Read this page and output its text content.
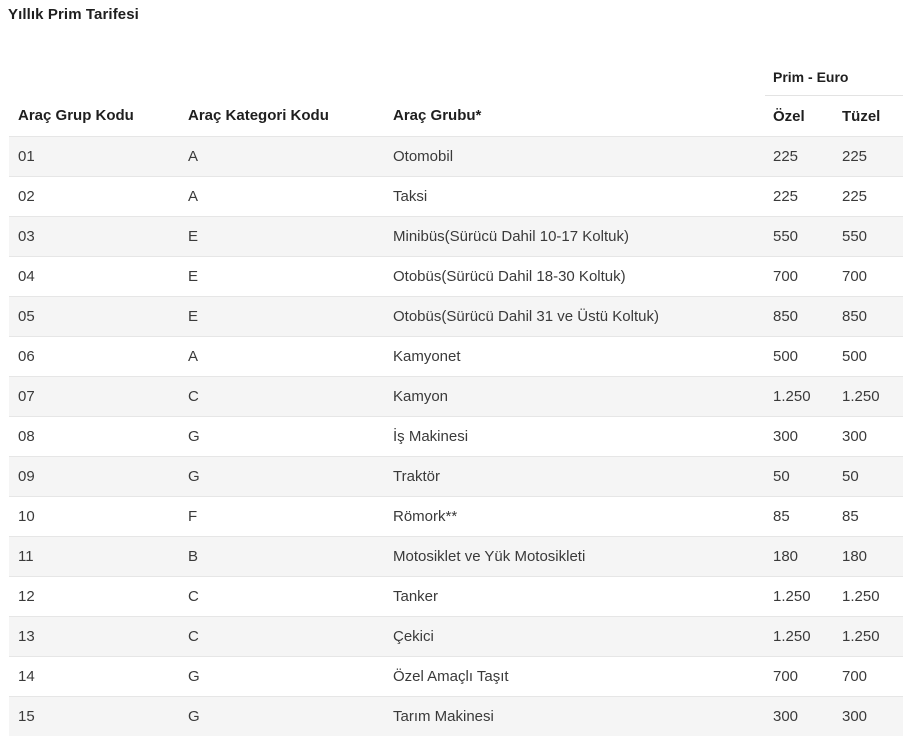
Yıllık Prim Tarifesi
			Prim - Euro	
Araç Grup Kodu	Araç Kategori Kodu	Araç Grubu*	Özel	Tüzel
01	A	Otomobil	225	225
02	A	Taksi	225	225
03	E	Minibüs(Sürücü Dahil 10-17 Koltuk)	550	550
04	E	Otobüs(Sürücü Dahil 18-30 Koltuk)	700	700
05	E	Otobüs(Sürücü Dahil 31 ve Üstü Koltuk)	850	850
06	A	Kamyonet	500	500
07	C	Kamyon	1.250	1.250
08	G	İş Makinesi	300	300
09	G	Traktör	50	50
10	F	Römork**	85	85
11	B	Motosiklet ve Yük Motosikleti	180	180
12	C	Tanker	1.250	1.250
13	C	Çekici	1.250	1.250
14	G	Özel Amaçlı Taşıt	700	700
15	G	Tarım Makinesi	300	300
